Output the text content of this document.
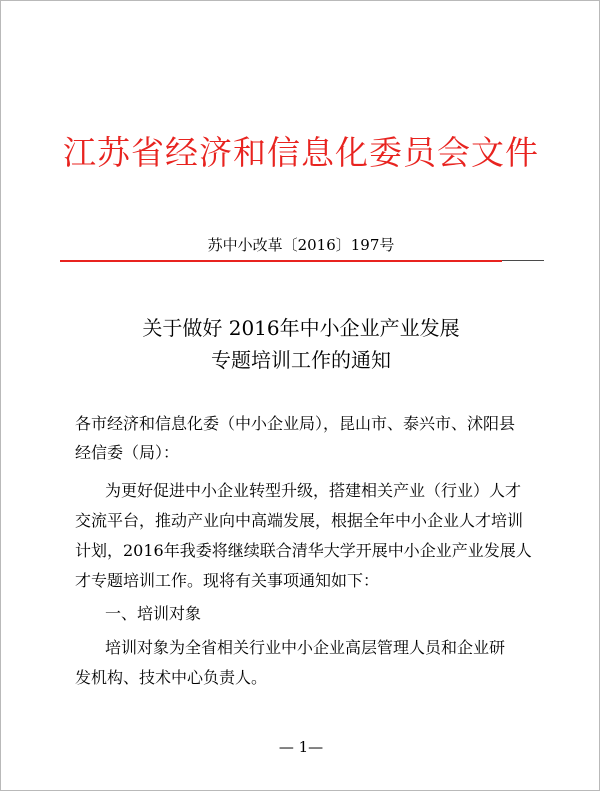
江苏省经济和信息化委员会文件
苏中小改革〔2016〕197号
关于做好 2016年中小企业产业发展
专题培训工作的通知
各市经济和信息化委（中小企业局），昆山市、泰兴市、沭阳县
经信委（局）：
为更好促进中小企业转型升级，搭建相关产业（行业）人才
交流平台，推动产业向中高端发展，根据全年中小企业人才培训
计划，2016年我委将继续联合清华大学开展中小企业产业发展人
才专题培训工作。现将有关事项通知如下：
一、培训对象
培训对象为全省相关行业中小企业高层管理人员和企业研
发机构、技术中心负责人。
— 1—
